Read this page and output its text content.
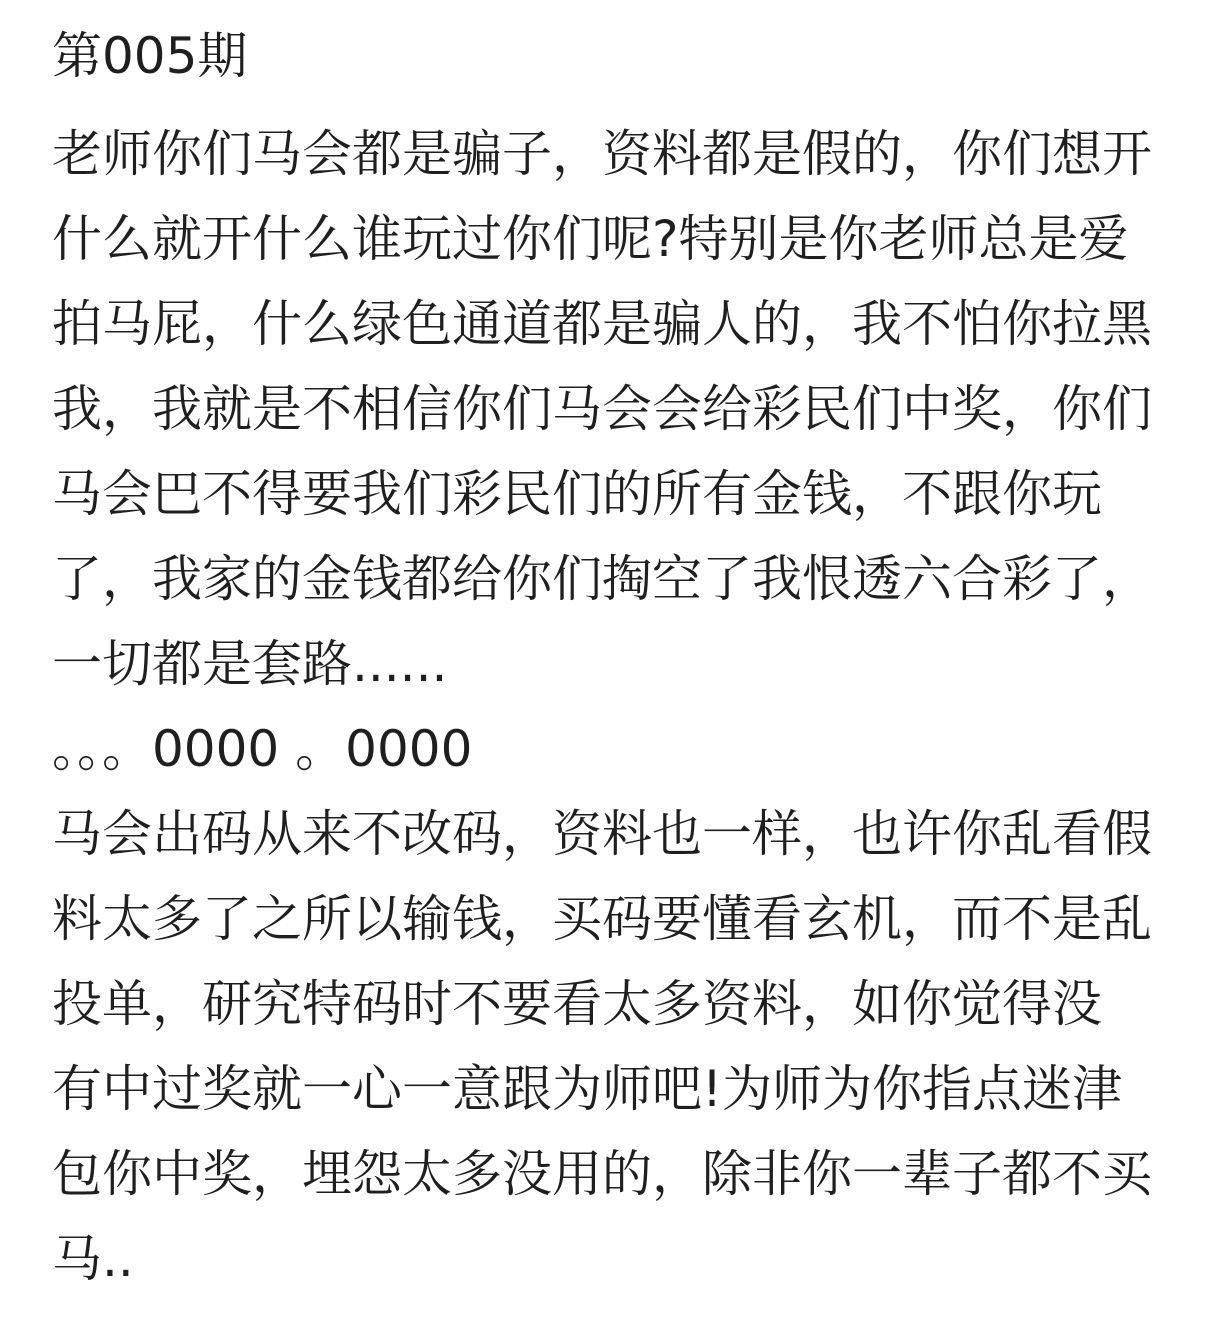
第005期
老师你们马会都是骗子，资料都是假的，你们想开
什么就开什么谁玩过你们呢?特别是你老师总是爱
拍马屁，什么绿色通道都是骗人的，我不怕你拉黑
我，我就是不相信你们马会会给彩民们中奖，你们
马会巴不得要我们彩民们的所有金钱，不跟你玩
了，我家的金钱都给你们掏空了我恨透六合彩了，
一切都是套路......
。。。0000 。0000
马会出码从来不改码，资料也一样，也许你乱看假
料太多了之所以输钱，买码要懂看玄机，而不是乱
投单，研究特码时不要看太多资料，如你觉得没
有中过奖就一心一意跟为师吧!为师为你指点迷津
包你中奖，埋怨太多没用的，除非你一辈子都不买
马..
